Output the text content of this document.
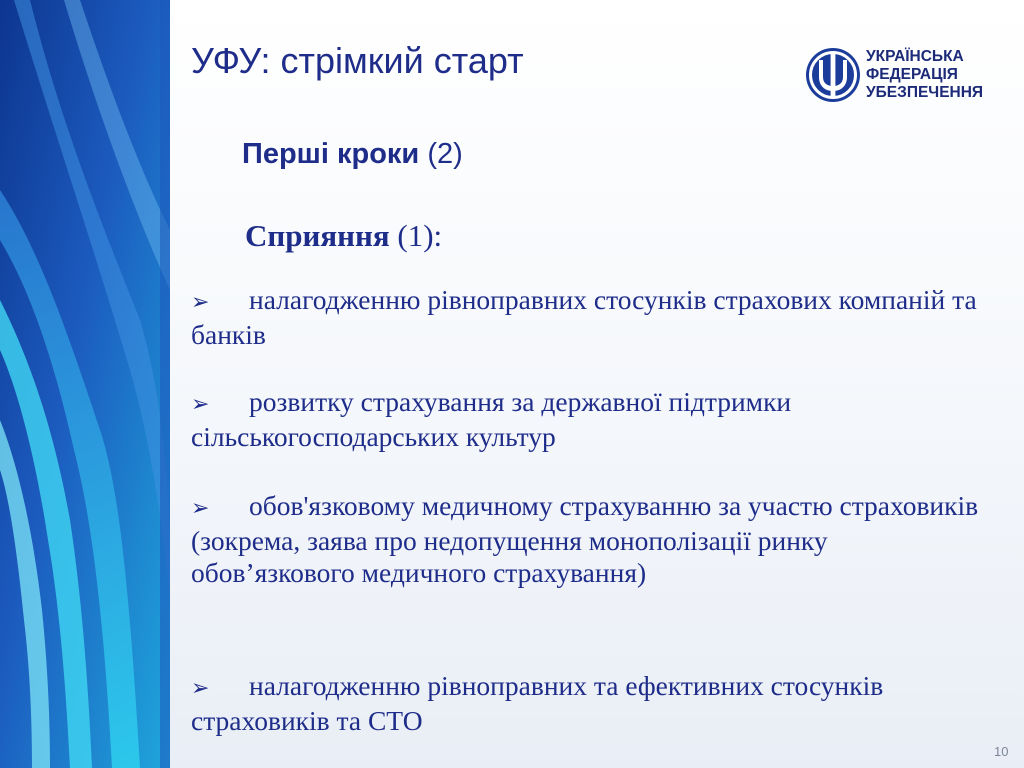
УФУ: стрімкий старт	УКРАЇНСЬКА
ФЕДЕРАЦІЯ
УБЕЗПЕЧЕННЯ
Перші кроки (2)
Сприяння (1):
➢ налагодженню рівноправних стосунків страхових компаній та банків
➢ розвитку страхування за державної підтримки сільськогосподарських культур
➢ обов'язковому медичному страхуванню за участю страховиків (зокрема, заява про недопущення монополізації ринку обов’язкового медичного страхування)
➢ налагодженню рівноправних та ефективних стосунків страховиків та СТО
10
